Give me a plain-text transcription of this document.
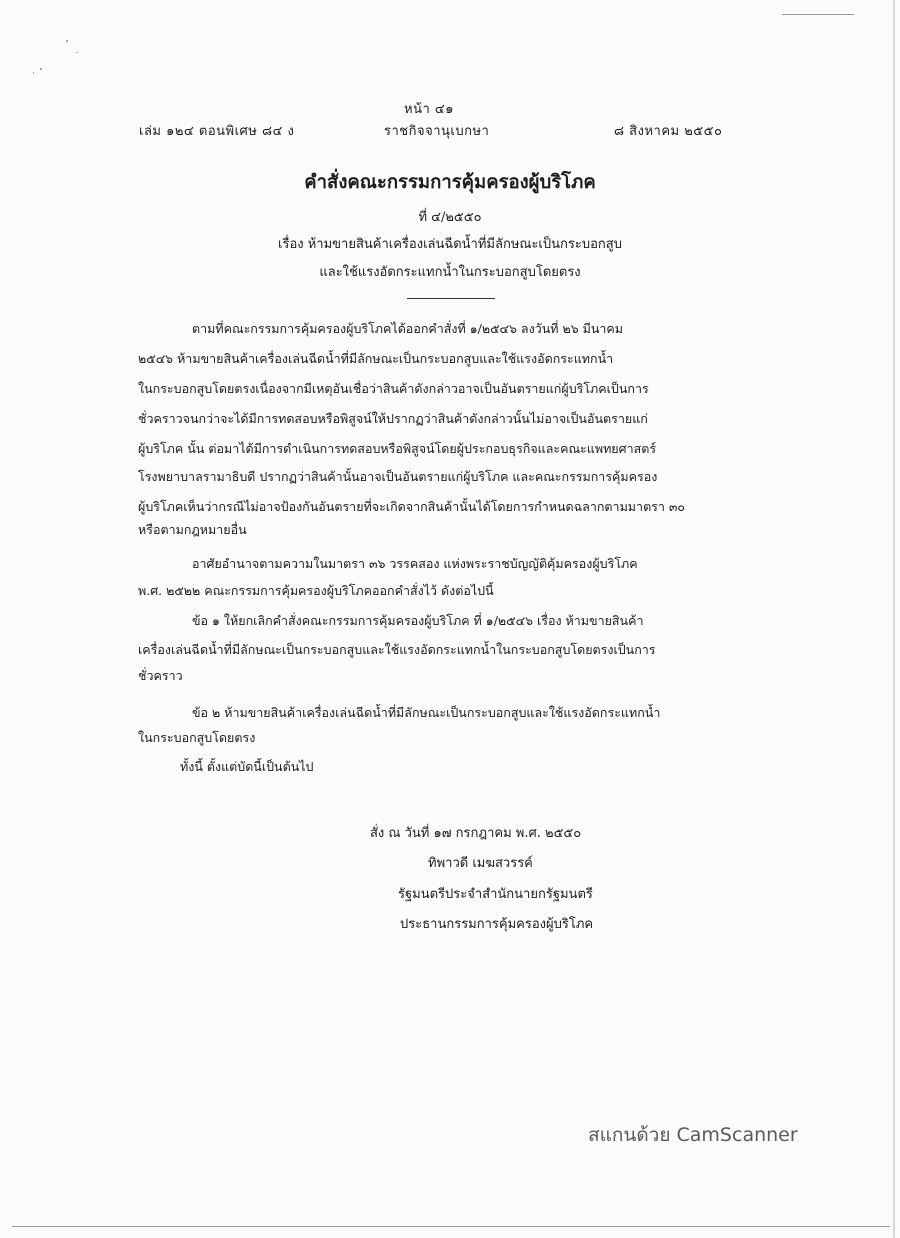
เล่ม ๑๒๔ ตอนพิเศษ ๘๔ ง
หน้า ๔๑
ราชกิจจานุเบกษา	๘ สิงหาคม ๒๕๕๐
คำสั่งคณะกรรมการคุ้มครองผู้บริโภค
ที่ ๔/๒๕๕๐
เรื่อง ห้ามขายสินค้าเครื่องเล่นฉีดน้ำที่มีลักษณะเป็นกระบอกสูบ
และใช้แรงอัดกระแทกน้ำในกระบอกสูบโดยตรง
ตามที่คณะกรรมการคุ้มครองผู้บริโภคได้ออกคำสั่งที่ ๑/๒๕๔๖ ลงวันที่ ๒๖ มีนาคม
๒๕๔๖ ห้ามขายสินค้าเครื่องเล่นฉีดน้ำที่มีลักษณะเป็นกระบอกสูบและใช้แรงอัดกระแทกน้ำ
ในกระบอกสูบโดยตรงเนื่องจากมีเหตุอันเชื่อว่าสินค้าดังกล่าวอาจเป็นอันตรายแก่ผู้บริโภคเป็นการ
ชั่วคราวจนกว่าจะได้มีการทดสอบหรือพิสูจน์ให้ปรากฏว่าสินค้าดังกล่าวนั้นไม่อาจเป็นอันตรายแก่
ผู้บริโภค นั้น ต่อมาได้มีการดำเนินการทดสอบหรือพิสูจน์โดยผู้ประกอบธุรกิจและคณะแพทยศาสตร์
โรงพยาบาลรามาธิบดี ปรากฏว่าสินค้านั้นอาจเป็นอันตรายแก่ผู้บริโภค และคณะกรรมการคุ้มครอง
ผู้บริโภคเห็นว่ากรณีไม่อาจป้องกันอันตรายที่จะเกิดจากสินค้านั้นได้โดยการกำหนดฉลากตามมาตรา ๓๐
หรือตามกฎหมายอื่น
อาศัยอำนาจตามความในมาตรา ๓๖ วรรคสอง แห่งพระราชบัญญัติคุ้มครองผู้บริโภค
พ.ศ. ๒๕๒๒ คณะกรรมการคุ้มครองผู้บริโภคออกคำสั่งไว้ ดังต่อไปนี้
ข้อ ๑ ให้ยกเลิกคำสั่งคณะกรรมการคุ้มครองผู้บริโภค ที่ ๑/๒๕๔๖ เรื่อง ห้ามขายสินค้า
เครื่องเล่นฉีดน้ำที่มีลักษณะเป็นกระบอกสูบและใช้แรงอัดกระแทกน้ำในกระบอกสูบโดยตรงเป็นการ
ชั่วคราว
ข้อ ๒ ห้ามขายสินค้าเครื่องเล่นฉีดน้ำที่มีลักษณะเป็นกระบอกสูบและใช้แรงอัดกระแทกน้ำ
ในกระบอกสูบโดยตรง
ทั้งนี้ ตั้งแต่บัดนี้เป็นต้นไป
สั่ง ณ วันที่ ๑๗ กรกฎาคม พ.ศ. ๒๕๕๐
ทิพาวดี เมฆสวรรค์
รัฐมนตรีประจำสำนักนายกรัฐมนตรี
ประธานกรรมการคุ้มครองผู้บริโภค
สแกนด้วย CamScanner
